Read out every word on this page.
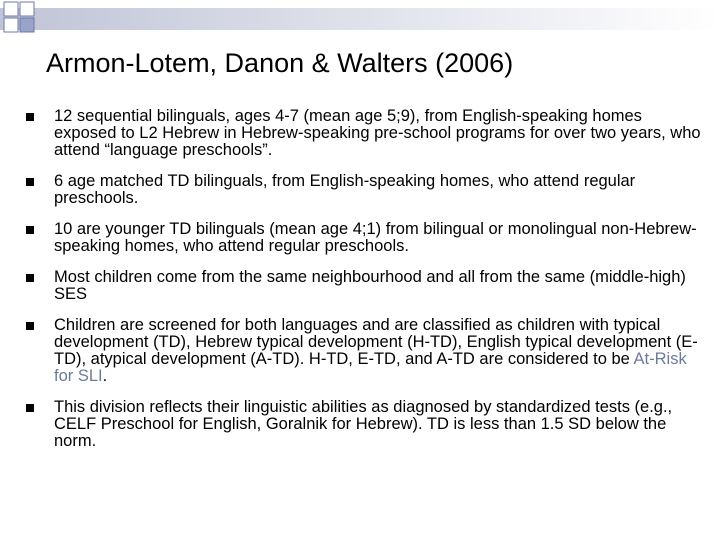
Armon-Lotem, Danon & Walters (2006)
12 sequential bilinguals, ages 4-7 (mean age 5;9), from English-speaking homes exposed to L2 Hebrew in Hebrew-speaking pre-school programs for over two years, who attend “language preschools”.
6 age matched TD bilinguals, from English-speaking homes, who attend regular preschools.
10 are younger TD bilinguals (mean age 4;1) from bilingual or monolingual non-Hebrew-speaking homes, who attend regular preschools.
Most children come from the same neighbourhood and all from the same (middle-high) SES
Children are screened for both languages and are classified as children with typical development (TD), Hebrew typical development (H-TD), English typical development (E-TD), atypical development (A-TD). H-TD, E-TD, and A-TD are considered to be At-Risk for SLI.
This division reflects their linguistic abilities as diagnosed by standardized tests (e.g., CELF Preschool for English, Goralnik for Hebrew). TD is less than 1.5 SD below the norm.
